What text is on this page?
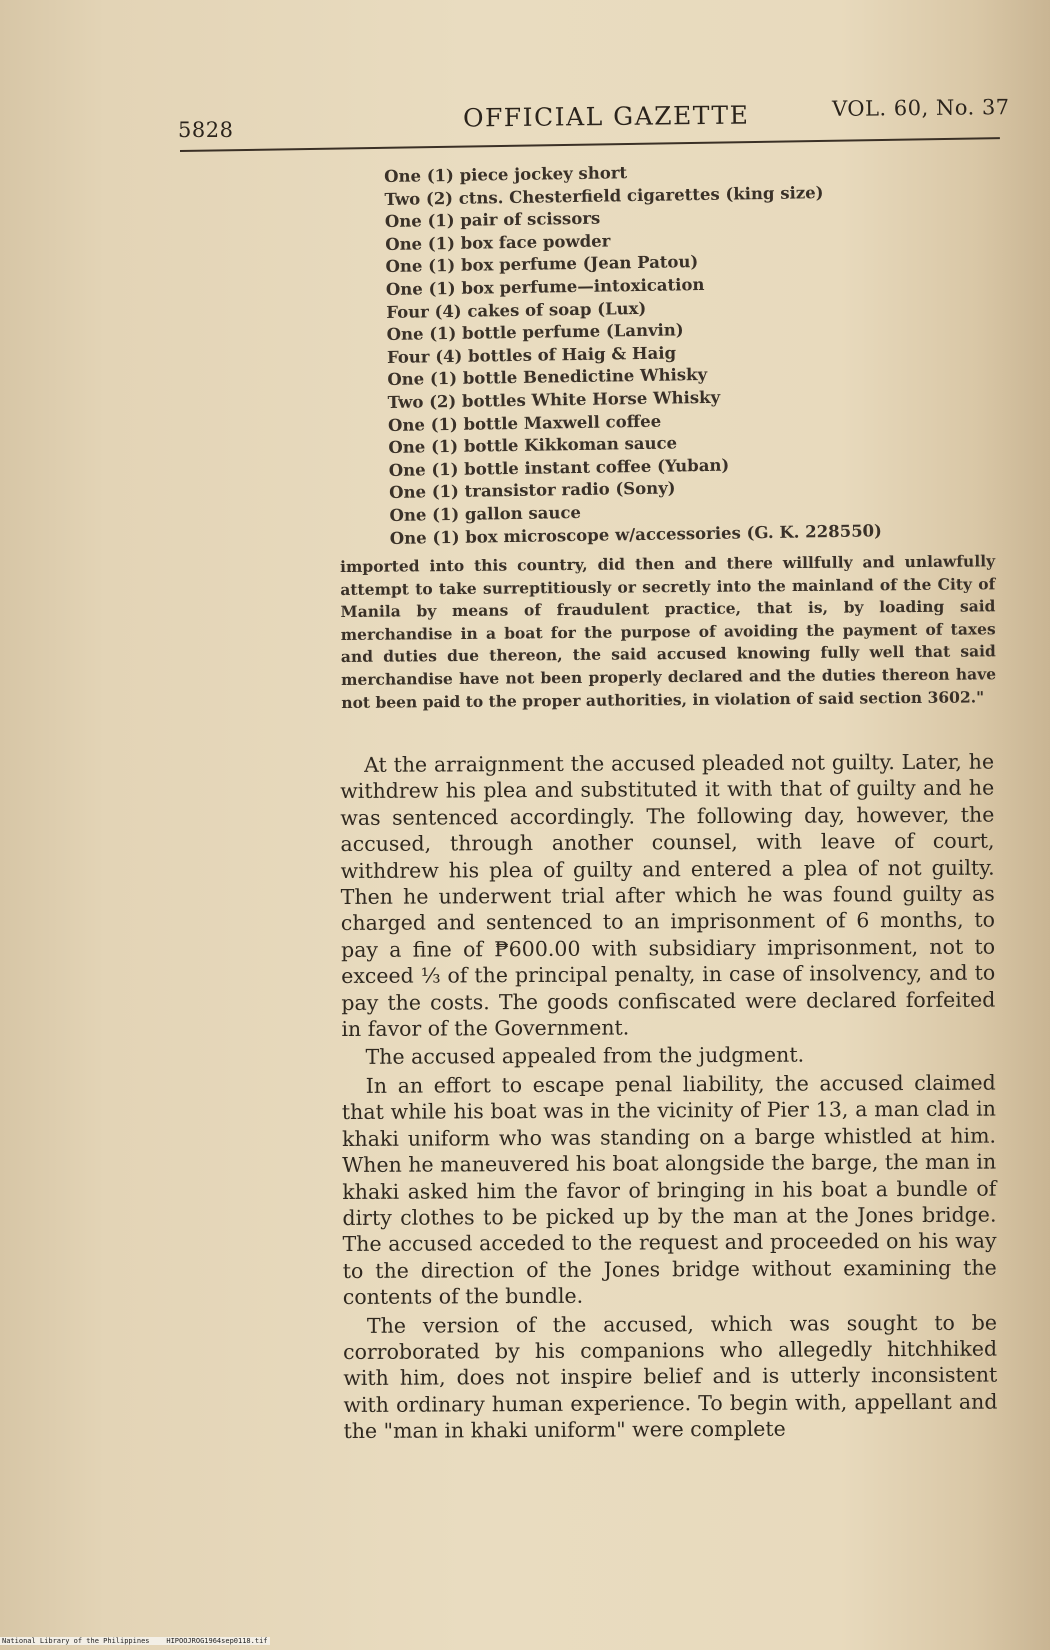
5828	OFFICIAL GAZETTE	VOL. 60, No. 37
One (1) piece jockey short
Two (2) ctns. Chesterfield cigarettes (king size)
One (1) pair of scissors
One (1) box face powder
One (1) box perfume (Jean Patou)
One (1) box perfume—intoxication
Four (4) cakes of soap (Lux)
One (1) bottle perfume (Lanvin)
Four (4) bottles of Haig & Haig
One (1) bottle Benedictine Whisky
Two (2) bottles White Horse Whisky
One (1) bottle Maxwell coffee
One (1) bottle Kikkoman sauce
One (1) bottle instant coffee (Yuban)
One (1) transistor radio (Sony)
One (1) gallon sauce
One (1) box microscope w/accessories (G. K. 228550)

imported into this country, did then and there willfully and unlawfully attempt to take surreptitiously or secretly into the mainland of the City of Manila by means of fraudulent practice, that is, by loading said merchandise in a boat for the purpose of avoiding the payment of taxes and duties due thereon, the said accused knowing fully well that said merchandise have not been properly declared and the duties thereon have not been paid to the proper authorities, in violation of said section 3602."

At the arraignment the accused pleaded not guilty. Later, he withdrew his plea and substituted it with that of guilty and he was sentenced accordingly. The following day, however, the accused, through another counsel, with leave of court, withdrew his plea of guilty and entered a plea of not guilty. Then he underwent trial after which he was found guilty as charged and sentenced to an imprisonment of 6 months, to pay a fine of ₱600.00 with subsidiary imprisonment, not to exceed ⅓ of the principal penalty, in case of insolvency, and to pay the costs. The goods confiscated were declared forfeited in favor of the Government.

The accused appealed from the judgment.

In an effort to escape penal liability, the accused claimed that while his boat was in the vicinity of Pier 13, a man clad in khaki uniform who was standing on a barge whistled at him. When he maneuvered his boat alongside the barge, the man in khaki asked him the favor of bringing in his boat a bundle of dirty clothes to be picked up by the man at the Jones bridge. The accused acceded to the request and proceeded on his way to the direction of the Jones bridge without examining the contents of the bundle.

The version of the accused, which was sought to be corroborated by his companions who allegedly hitchhiked with him, does not inspire belief and is utterly inconsistent with ordinary human experience. To begin with, appellant and the "man in khaki uniform" were complete

National Library of the Philippines    HIPOOJROG1964sep0118.tif
